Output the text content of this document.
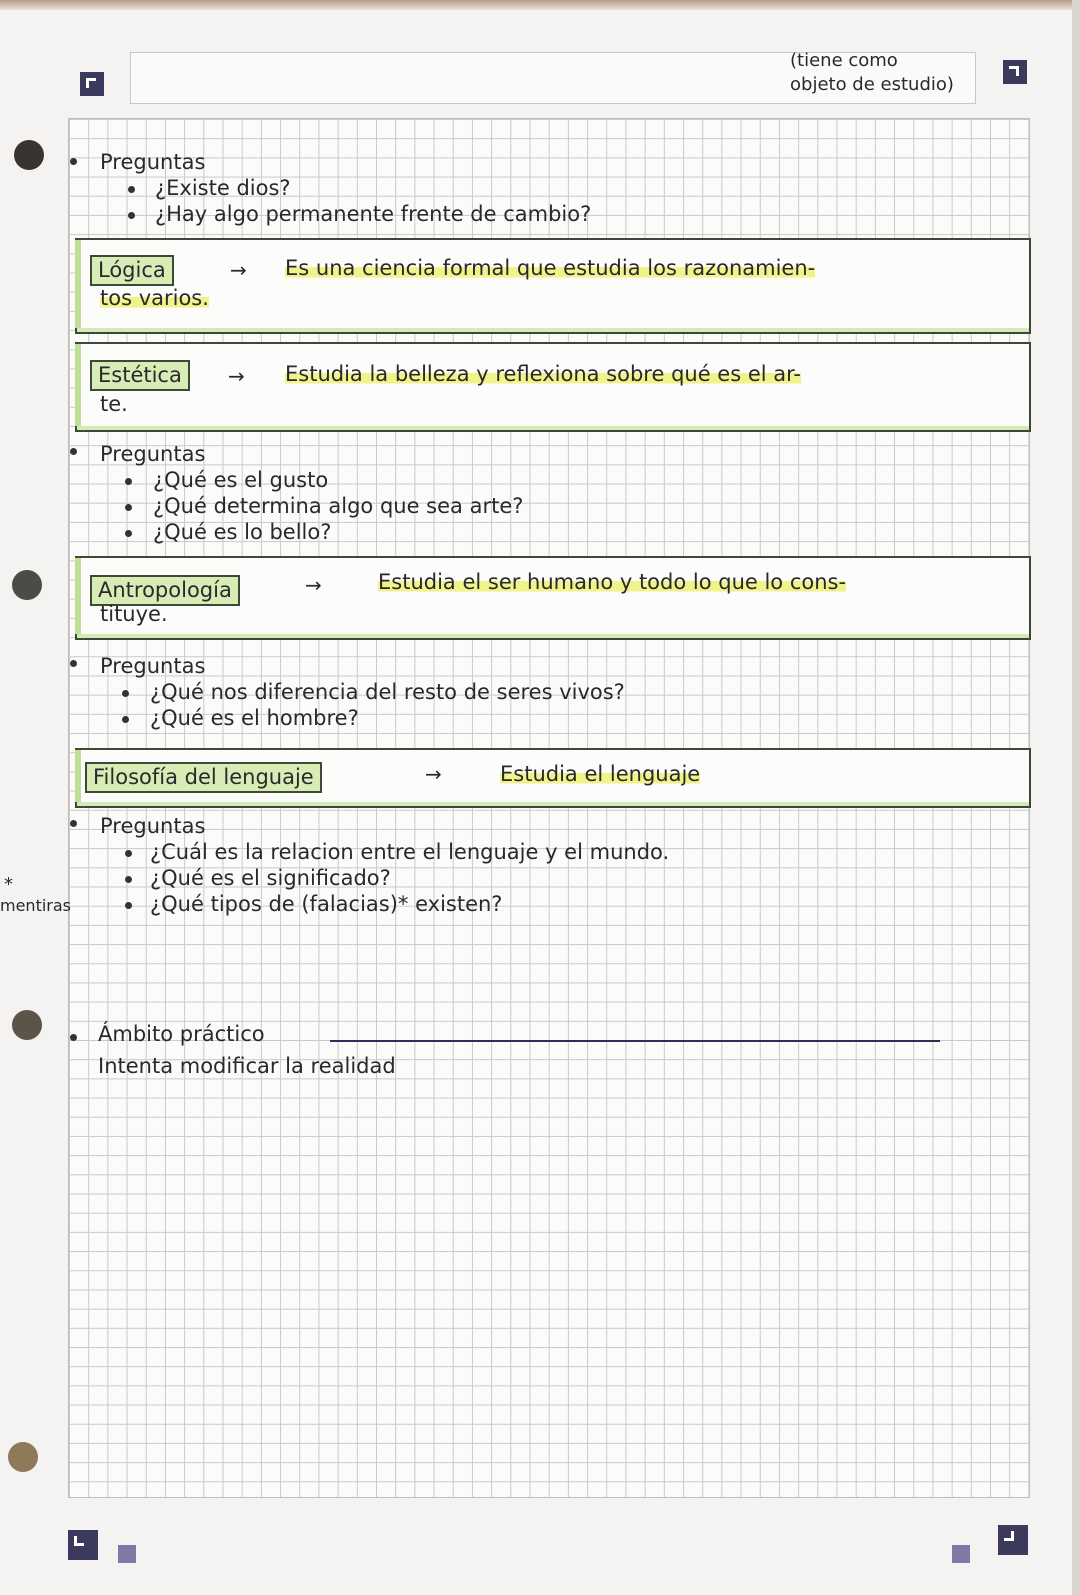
(tiene como
objeto de estudio)
Preguntas
¿Existe dios?
¿Hay algo permanente frente de cambio?
Lógica	→ Es una ciencia formal que estudia los razonamien-
tos varios.
Estética	→ Estudia la belleza y reflexiona sobre qué es el ar-
te.
Preguntas
¿Qué es el gusto
¿Qué determina algo que sea arte?
¿Qué es lo bello?
Antropología	→	Estudia el ser humano y todo lo que lo cons-
tituye.
Preguntas
¿Qué nos diferencia del resto de seres vivos?
¿Qué es el hombre?
Filosofía del lenguaje	→	Estudia el lenguaje
Preguntas
¿Cuál es la relacion entre el lenguaje y el mundo.
¿Qué es el significado?
¿Qué tipos de (falacias)* existen?
*
mentiras
Ámbito práctico
Intenta modificar la realidad
